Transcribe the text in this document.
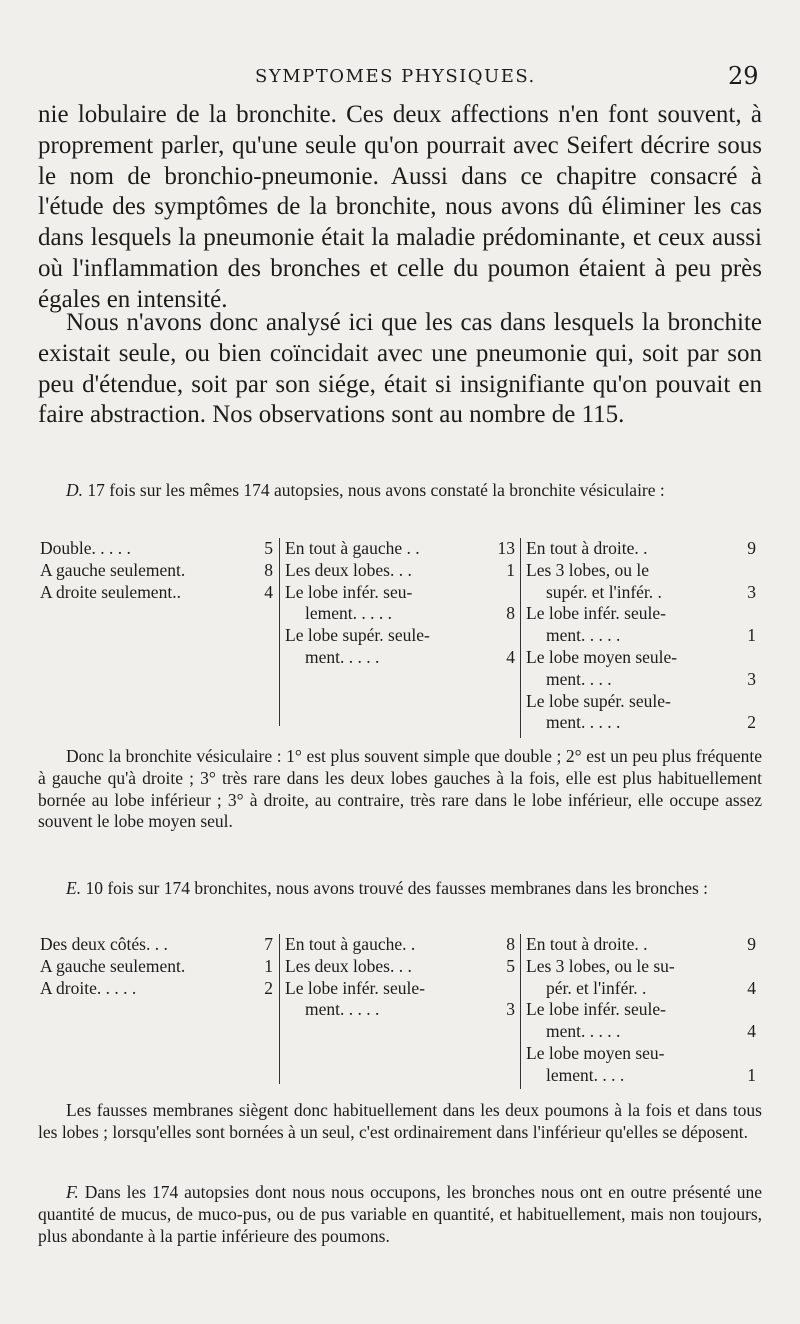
SYMPTOMES PHYSIQUES.	29

nie lobulaire de la bronchite. Ces deux affections n'en font souvent, à proprement parler, qu'une seule qu'on pourrait avec Seifert décrire sous le nom de bronchio-pneumonie. Aussi dans ce chapitre consacré à l'étude des symptômes de la bronchite, nous avons dû éliminer les cas dans lesquels la pneumonie était la maladie prédominante, et ceux aussi où l'inflammation des bronches et celle du poumon étaient à peu près égales en intensité.

Nous n'avons donc analysé ici que les cas dans lesquels la bronchite existait seule, ou bien coïncidait avec une pneumonie qui, soit par son peu d'étendue, soit par son siége, était si insignifiante qu'on pouvait en faire abstraction. Nos observations sont au nombre de 115.

D. 17 fois sur les mêmes 174 autopsies, nous avons constaté la bronchite vésiculaire :

Double. . . . .	5
A gauche seulement.	8
A droite seulement..	4
En tout à gauche . .	13
Les deux lobes. . .	1
Le lobe infér. seu-
lement. . . . .	8
Le lobe supér. seule-
ment. . . . .	4
En tout à droite. .	9
Les 3 lobes, ou le
supér. et l'infér. .	3
Le lobe infér. seule-
ment. . . . .	1
Le lobe moyen seule-
ment. . . .	3
Le lobe supér. seule-
ment. . . . .	2

Donc la bronchite vésiculaire : 1° est plus souvent simple que double ; 2° est un peu plus fréquente à gauche qu'à droite ; 3° très rare dans les deux lobes gauches à la fois, elle est plus habituellement bornée au lobe inférieur ; 3° à droite, au contraire, très rare dans le lobe inférieur, elle occupe assez souvent le lobe moyen seul.

E. 10 fois sur 174 bronchites, nous avons trouvé des fausses membranes dans les bronches :

Des deux côtés. . .	7
A gauche seulement.	1
A droite. . . . .	2
En tout à gauche. .	8
Les deux lobes. . .	5
Le lobe infér. seule-
ment. . . . .	3
En tout à droite. .	9
Les 3 lobes, ou le su-
pér. et l'infér. .	4
Le lobe infér. seule-
ment. . . . .	4
Le lobe moyen seu-
lement. . . .	1

Les fausses membranes siègent donc habituellement dans les deux poumons à la fois et dans tous les lobes ; lorsqu'elles sont bornées à un seul, c'est ordinairement dans l'inférieur qu'elles se déposent.

F. Dans les 174 autopsies dont nous nous occupons, les bronches nous ont en outre présenté une quantité de mucus, de muco-pus, ou de pus variable en quantité, et habituellement, mais non toujours, plus abondante à la partie inférieure des poumons.
